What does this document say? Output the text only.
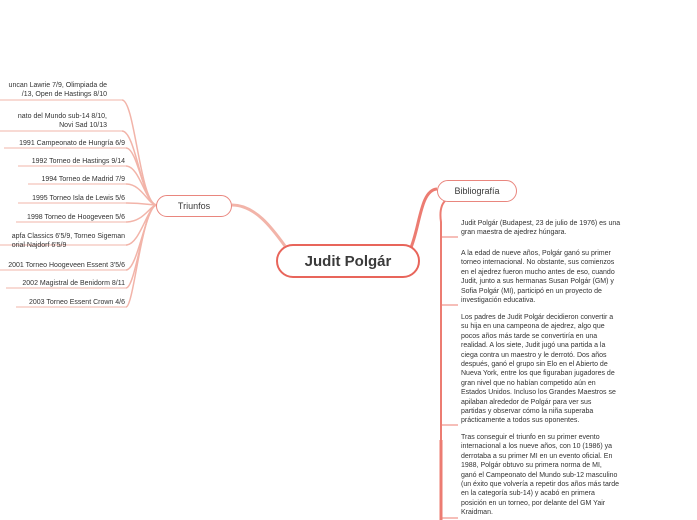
Judit Polgár
Triunfos
Bibliografía
uncan Lawrie 7/9, Olimpiada de
/13, Open de Hastings 8/10
nato del Mundo sub-14 8/10,
Novi Sad 10/13
1991 Campeonato de Hungría 6/9
1992 Torneo de Hastings 9/14
1994 Torneo de Madrid 7/9
1995 Torneo Isla de Lewis 5/6
1998 Torneo de Hoogeveen 5/6
apfa Classics 6'5/9, Torneo Sigeman
orial Najdorf 6'5/9
2001 Torneo Hoogeveen Essent 3'5/6
2002 Magistral de Benidorm 8/11
2003 Torneo Essent Crown 4/6
Judit Polgár (Budapest, 23 de julio de 1976) es una
gran maestra de ajedrez húngara.
A la edad de nueve años, Polgár ganó su primer
torneo internacional. No obstante, sus comienzos
en el ajedrez fueron mucho antes de eso, cuando
Judit, junto a sus hermanas Susan Polgár (GM) y
Sofia Polgár (MI), participó en un proyecto de
investigación educativa.
Los padres de Judit Polgár decidieron convertir a
su hija en una campeona de ajedrez, algo que
pocos años más tarde se convertiría en una
realidad. A los siete, Judit jugó una partida a la
ciega contra un maestro y le derrotó. Dos años
después, ganó el grupo sin Elo en el Abierto de
Nueva York, entre los que figuraban jugadores de
gran nivel que no habían competido aún en
Estados Unidos. Incluso los Grandes Maestros se
apilaban alrededor de Polgár para ver sus
partidas y observar cómo la niña superaba
prácticamente a todos sus oponentes.
Tras conseguir el triunfo en su primer evento
internacional a los nueve años, con 10 (1986) ya
derrotaba a su primer MI en un evento oficial. En
1988, Polgár obtuvo su primera norma de MI,
ganó el Campeonato del Mundo sub-12 masculino
(un éxito que volvería a repetir dos años más tarde
en la categoría sub-14) y acabó en primera
posición en un torneo, por delante del GM Yair
Kraidman.
